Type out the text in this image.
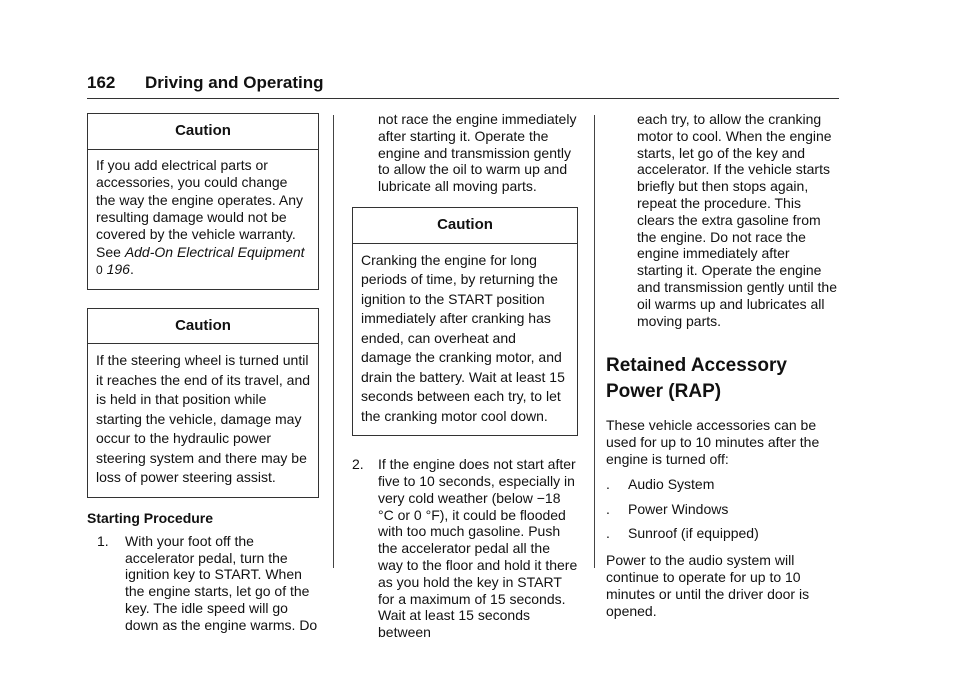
162 Driving and Operating
Caution
If you add electrical parts or accessories, you could change the way the engine operates. Any resulting damage would not be covered by the vehicle warranty. See Add-On Electrical Equipment
0 196.
Caution
If the steering wheel is turned until it reaches the end of its travel, and is held in that position while starting the vehicle, damage may occur to the hydraulic power steering system and there may be loss of power steering assist.

Starting Procedure

1.	With your foot off the accelerator pedal, turn the ignition key to START. When the engine starts, let go of the key. The idle speed will go down as the engine warms. Do

not race the engine immediately after starting it. Operate the engine and transmission gently to allow the oil to warm up and lubricate all moving parts.

Caution
Cranking the engine for long periods of time, by returning the ignition to the START position immediately after cranking has ended, can overheat and damage the cranking motor, and drain the battery. Wait at least 15 seconds between each try, to let the cranking motor cool down.
2.	If the engine does not start after five to 10 seconds, especially in very cold weather (below −18 °C or 0 °F), it could be flooded with too much gasoline. Push the accelerator pedal all the way to the floor and hold it there as you hold the key in START for a maximum of 15 seconds. Wait at least 15 seconds between

each try, to allow the cranking motor to cool. When the engine starts, let go of the key and accelerator. If the vehicle starts briefly but then stops again, repeat the procedure. This clears the extra gasoline from the engine. Do not race the engine immediately after starting it. Operate the engine and transmission gently until the oil warms up and lubricates all moving parts.

Retained Accessory Power (RAP)

These vehicle accessories can be used for up to 10 minutes after the engine is turned off:

.	Audio System
.	Power Windows
.	Sunroof (if equipped)

Power to the audio system will continue to operate for up to 10 minutes or until the driver door is opened.
